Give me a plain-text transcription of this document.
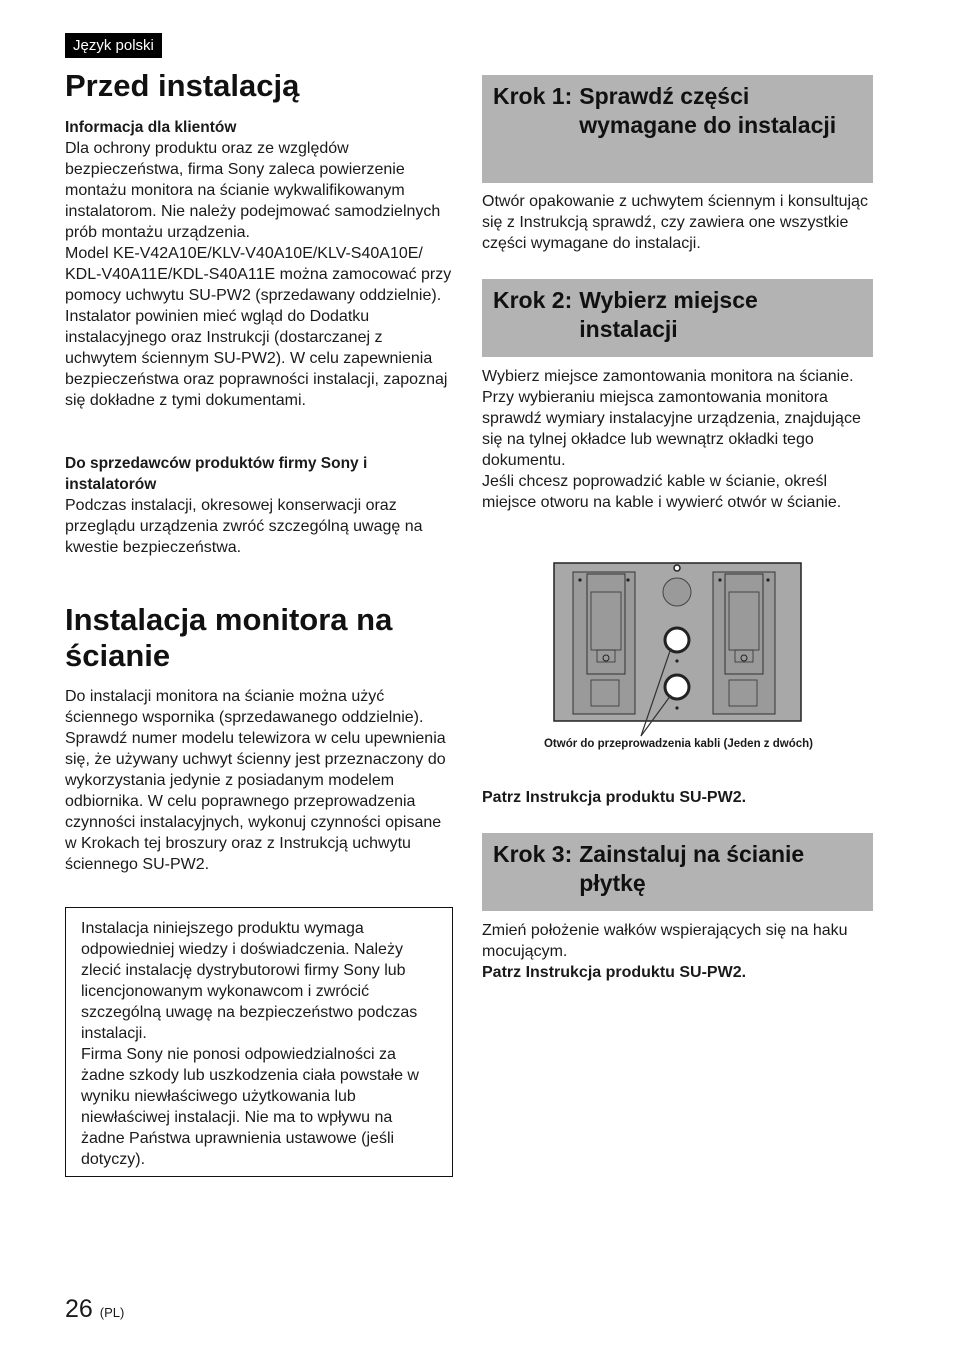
Język polski
Przed instalacją
Informacja dla klientów

Dla ochrony produktu oraz ze względów bezpieczeństwa, firma Sony zaleca powierzenie montażu monitora na ścianie wykwalifikowanym instalatorom. Nie należy podejmować samodzielnych prób montażu urządzenia.

Model KE-V42A10E/KLV-V40A10E/KLV-S40A10E/ KDL-V40A11E/KDL-S40A11E można zamocować przy pomocy uchwytu SU-PW2 (sprzedawany oddzielnie). Instalator powinien mieć wgląd do Dodatku instalacyjnego oraz Instrukcji (dostarczanej z uchwytem ściennym SU-PW2). W celu zapewnienia bezpieczeństwa oraz poprawności instalacji, zapoznaj się dokładne z tymi dokumentami.

Do sprzedawców produktów firmy Sony i instalatorów
Podczas instalacji, okresowej konserwacji oraz przeglądu urządzenia zwróć szczególną uwagę na kwestie bezpieczeństwa.
Instalacja monitora na ścianie
Do instalacji monitora na ścianie można użyć ściennego wspornika (sprzedawanego oddzielnie). Sprawdź numer modelu telewizora w celu upewnienia się, że używany uchwyt ścienny jest przeznaczony do wykorzystania jedynie z posiadanym modelem odbiornika. W celu poprawnego przeprowadzenia czynności instalacyjnych, wykonuj czynności opisane w Krokach tej broszury oraz z Instrukcją uchwytu ściennego SU-PW2.

Instalacja niniejszego produktu wymaga odpowiedniej wiedzy i doświadczenia. Należy zlecić instalację dystrybutorowi firmy Sony lub licencjonowanym wykonawcom i zwrócić szczególną uwagę na bezpieczeństwo podczas instalacji.

Firma Sony nie ponosi odpowiedzialności za żadne szkody lub uszkodzenia ciała powstałe w wyniku niewłaściwego użytkowania lub niewłaściwej instalacji. Nie ma to wpływu na żadne Państwa uprawnienia ustawowe (jeśli dotyczy).

Krok 1: Sprawdź części wymagane do instalacji
Otwór opakowanie z uchwytem ściennym i konsultując się z Instrukcją sprawdź, czy zawiera one wszystkie części wymagane do instalacji.
Krok 2: Wybierz miejsce instalacji

Wybierz miejsce zamontowania monitora na ścianie. Przy wybieraniu miejsca zamontowania monitora sprawdź wymiary instalacyjne urządzenia, znajdujące się na tylnej okładce lub wewnątrz okładki tego dokumentu.

Jeśli chcesz poprowadzić kable w ścianie, określ miejsce otworu na kable i wywierć otwór w ścianie.

Otwór do przeprowadzenia kabli (Jeden z dwóch)
Patrz Instrukcja produktu SU-PW2.
Krok 3: Zainstaluj na ścianie płytkę

Zmień położenie wałków wspierających się na haku mocującym.

Patrz Instrukcja produktu SU-PW2.

26 (PL)
